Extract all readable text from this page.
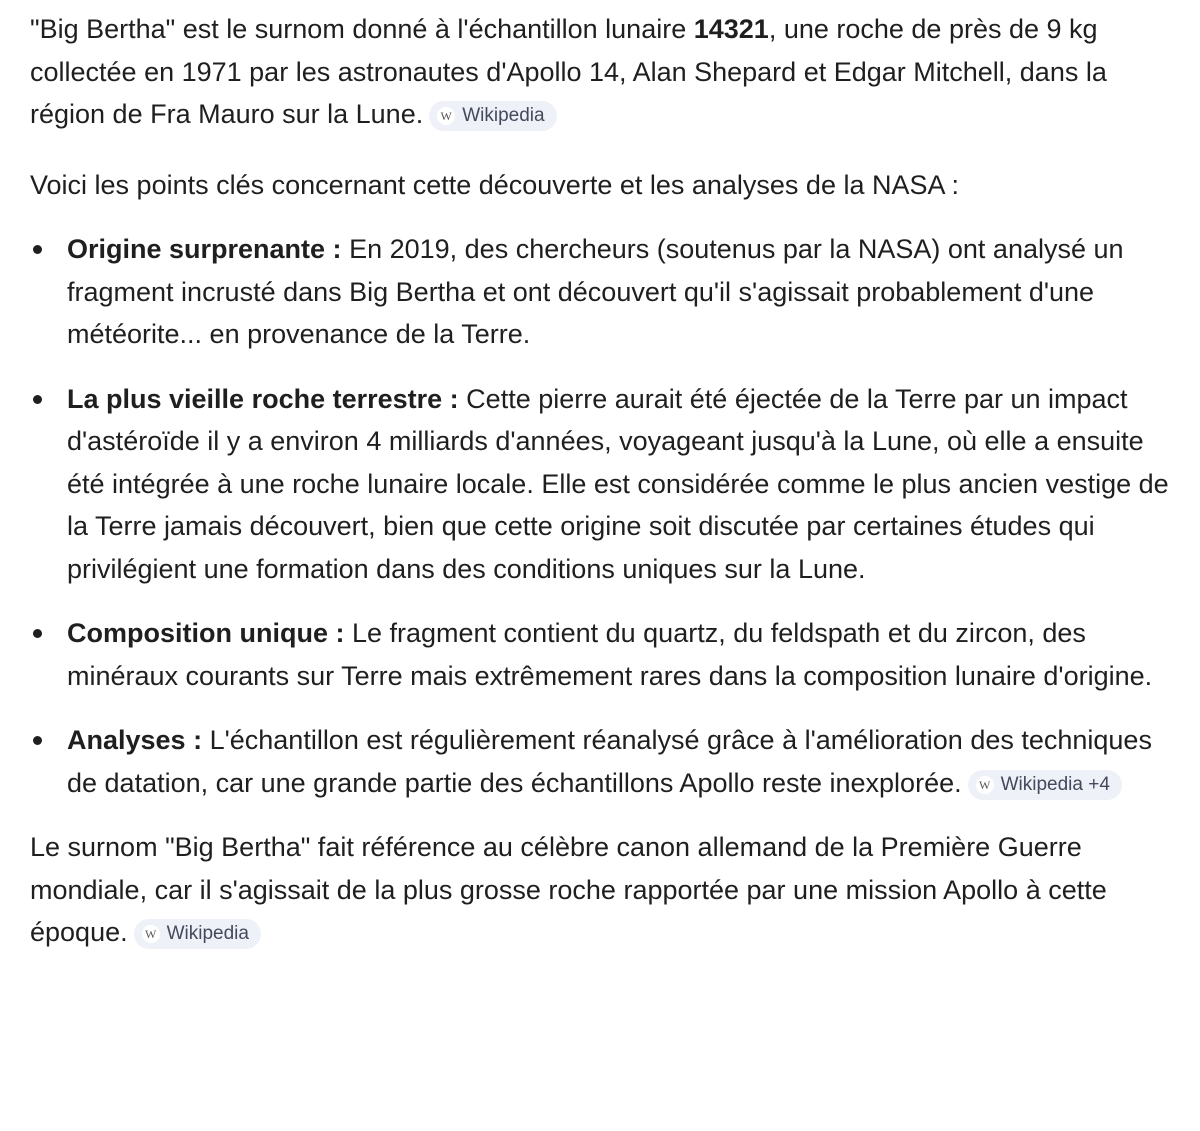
"Big Bertha" est le surnom donné à l'échantillon lunaire 14321, une roche de près de 9 kg collectée en 1971 par les astronautes d'Apollo 14, Alan Shepard et Edgar Mitchell, dans la région de Fra Mauro sur la Lune. W Wikipedia

Voici les points clés concernant cette découverte et les analyses de la NASA :

Origine surprenante : En 2019, des chercheurs (soutenus par la NASA) ont analysé un fragment incrusté dans Big Bertha et ont découvert qu'il s'agissait probablement d'une météorite... en provenance de la Terre.
La plus vieille roche terrestre : Cette pierre aurait été éjectée de la Terre par un impact d'astéroïde il y a environ 4 milliards d'années, voyageant jusqu'à la Lune, où elle a ensuite été intégrée à une roche lunaire locale. Elle est considérée comme le plus ancien vestige de la Terre jamais découvert, bien que cette origine soit discutée par certaines études qui privilégient une formation dans des conditions uniques sur la Lune.
Composition unique : Le fragment contient du quartz, du feldspath et du zircon, des minéraux courants sur Terre mais extrêmement rares dans la composition lunaire d'origine.
Analyses : L'échantillon est régulièrement réanalysé grâce à l'amélioration des techniques de datation, car une grande partie des échantillons Apollo reste inexplorée. W Wikipedia +4

Le surnom "Big Bertha" fait référence au célèbre canon allemand de la Première Guerre mondiale, car il s'agissait de la plus grosse roche rapportée par une mission Apollo à cette époque. W Wikipedia
